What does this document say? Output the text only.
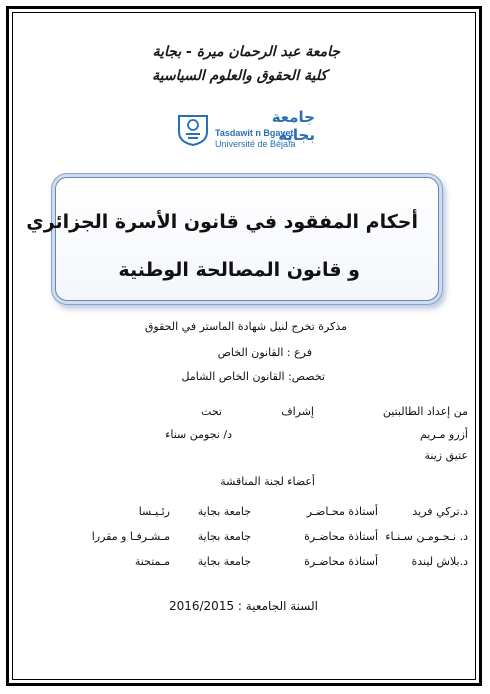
جامعة عبد الرحمان ميرة - بجاية
كلية الحقوق والعلوم السياسية
جامعة بجاية
Tasdawit n Bgayet
Université de Béjaïa
أحكام المفقود في قانون الأسرة الجزائري
و قانون المصالحة الوطنية
مذكرة تخرج لنيل شهادة الماستر في الحقوق
فرع : القانون الخاص
تخصص: القانون الخاص الشامل
من إعداد الطالبتين
تحت	إشراف
أزرو مـريم
د/ نجومن سناء
عتيق زينة
أعضاء لجنة المناقشة
د.تركي فريد
أستاذة محـاضـر
جامعة بجاية
رئـيـسا
د. نـجـومـن سـنـاء
أستاذة محاضـرة
جامعة بجاية
مـشـرفـا و مقررا
د.بلاش ليندة
أستاذة محاضـرة
جامعة بجاية
مـمتحنة
السنة الجامعية : 2016/2015
